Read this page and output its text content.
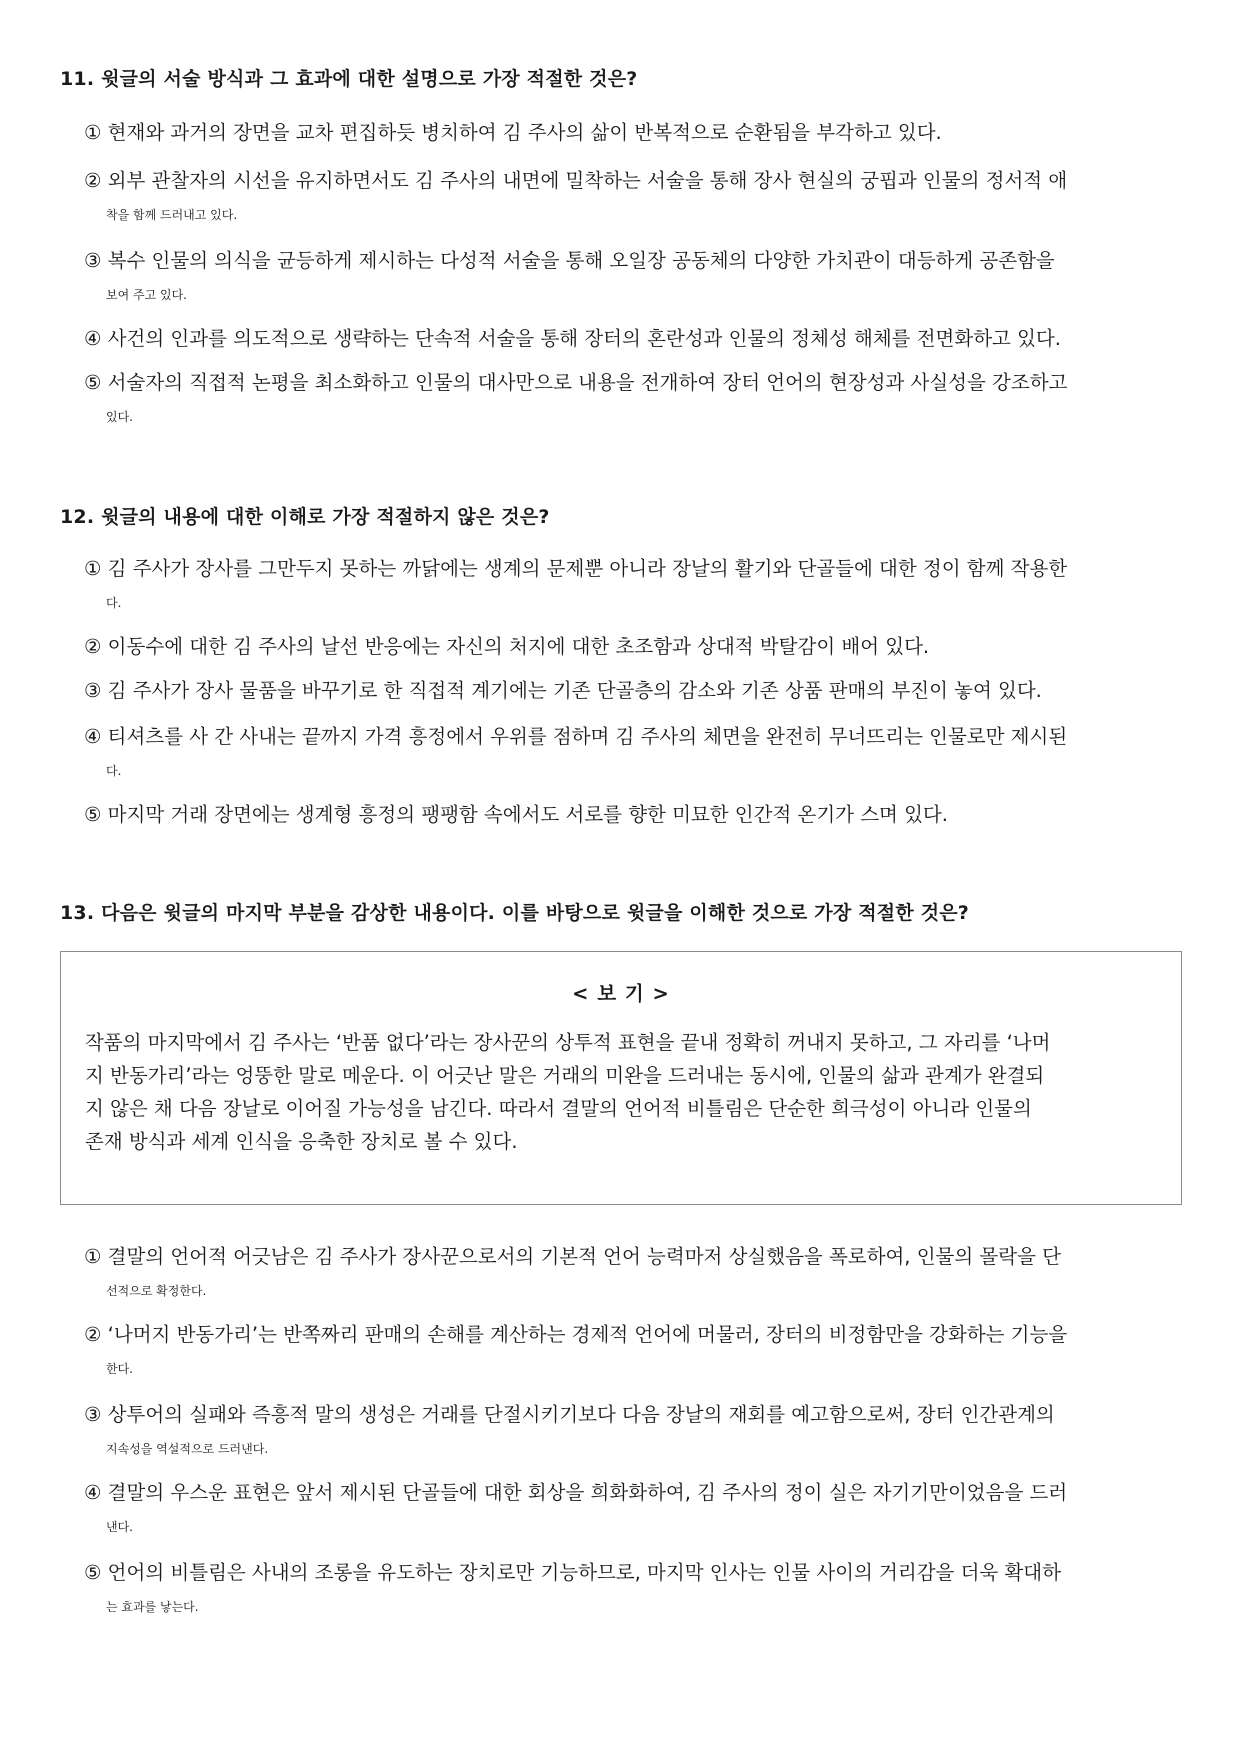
11. 윗글의 서술 방식과 그 효과에 대한 설명으로 가장 적절한 것은?
① 현재와 과거의 장면을 교차 편집하듯 병치하여 김 주사의 삶이 반복적으로 순환됨을 부각하고 있다.
② 외부 관찰자의 시선을 유지하면서도 김 주사의 내면에 밀착하는 서술을 통해 장사 현실의 궁핍과 인물의 정서적 애
착을 함께 드러내고 있다.
③ 복수 인물의 의식을 균등하게 제시하는 다성적 서술을 통해 오일장 공동체의 다양한 가치관이 대등하게 공존함을
보여 주고 있다.
④ 사건의 인과를 의도적으로 생략하는 단속적 서술을 통해 장터의 혼란성과 인물의 정체성 해체를 전면화하고 있다.
⑤ 서술자의 직접적 논평을 최소화하고 인물의 대사만으로 내용을 전개하여 장터 언어의 현장성과 사실성을 강조하고
있다.
12. 윗글의 내용에 대한 이해로 가장 적절하지 않은 것은?
① 김 주사가 장사를 그만두지 못하는 까닭에는 생계의 문제뿐 아니라 장날의 활기와 단골들에 대한 정이 함께 작용한
다.
② 이동수에 대한 김 주사의 날선 반응에는 자신의 처지에 대한 초조함과 상대적 박탈감이 배어 있다.
③ 김 주사가 장사 물품을 바꾸기로 한 직접적 계기에는 기존 단골층의 감소와 기존 상품 판매의 부진이 놓여 있다.
④ 티셔츠를 사 간 사내는 끝까지 가격 흥정에서 우위를 점하며 김 주사의 체면을 완전히 무너뜨리는 인물로만 제시된
다.
⑤ 마지막 거래 장면에는 생계형 흥정의 팽팽함 속에서도 서로를 향한 미묘한 인간적 온기가 스며 있다.
13. 다음은 윗글의 마지막 부분을 감상한 내용이다. 이를 바탕으로 윗글을 이해한 것으로 가장 적절한 것은?
< 보 기 >
작품의 마지막에서 김 주사는 ‘반품 없다’라는 장사꾼의 상투적 표현을 끝내 정확히 꺼내지 못하고, 그 자리를 ‘나머
지 반동가리’라는 엉뚱한 말로 메운다. 이 어긋난 말은 거래의 미완을 드러내는 동시에, 인물의 삶과 관계가 완결되
지 않은 채 다음 장날로 이어질 가능성을 남긴다. 따라서 결말의 언어적 비틀림은 단순한 희극성이 아니라 인물의
존재 방식과 세계 인식을 응축한 장치로 볼 수 있다.
① 결말의 언어적 어긋남은 김 주사가 장사꾼으로서의 기본적 언어 능력마저 상실했음을 폭로하여, 인물의 몰락을 단
선적으로 확정한다.
② ‘나머지 반동가리’는 반쪽짜리 판매의 손해를 계산하는 경제적 언어에 머물러, 장터의 비정함만을 강화하는 기능을
한다.
③ 상투어의 실패와 즉흥적 말의 생성은 거래를 단절시키기보다 다음 장날의 재회를 예고함으로써, 장터 인간관계의
지속성을 역설적으로 드러낸다.
④ 결말의 우스운 표현은 앞서 제시된 단골들에 대한 회상을 희화화하여, 김 주사의 정이 실은 자기기만이었음을 드러
낸다.
⑤ 언어의 비틀림은 사내의 조롱을 유도하는 장치로만 기능하므로, 마지막 인사는 인물 사이의 거리감을 더욱 확대하
는 효과를 낳는다.
